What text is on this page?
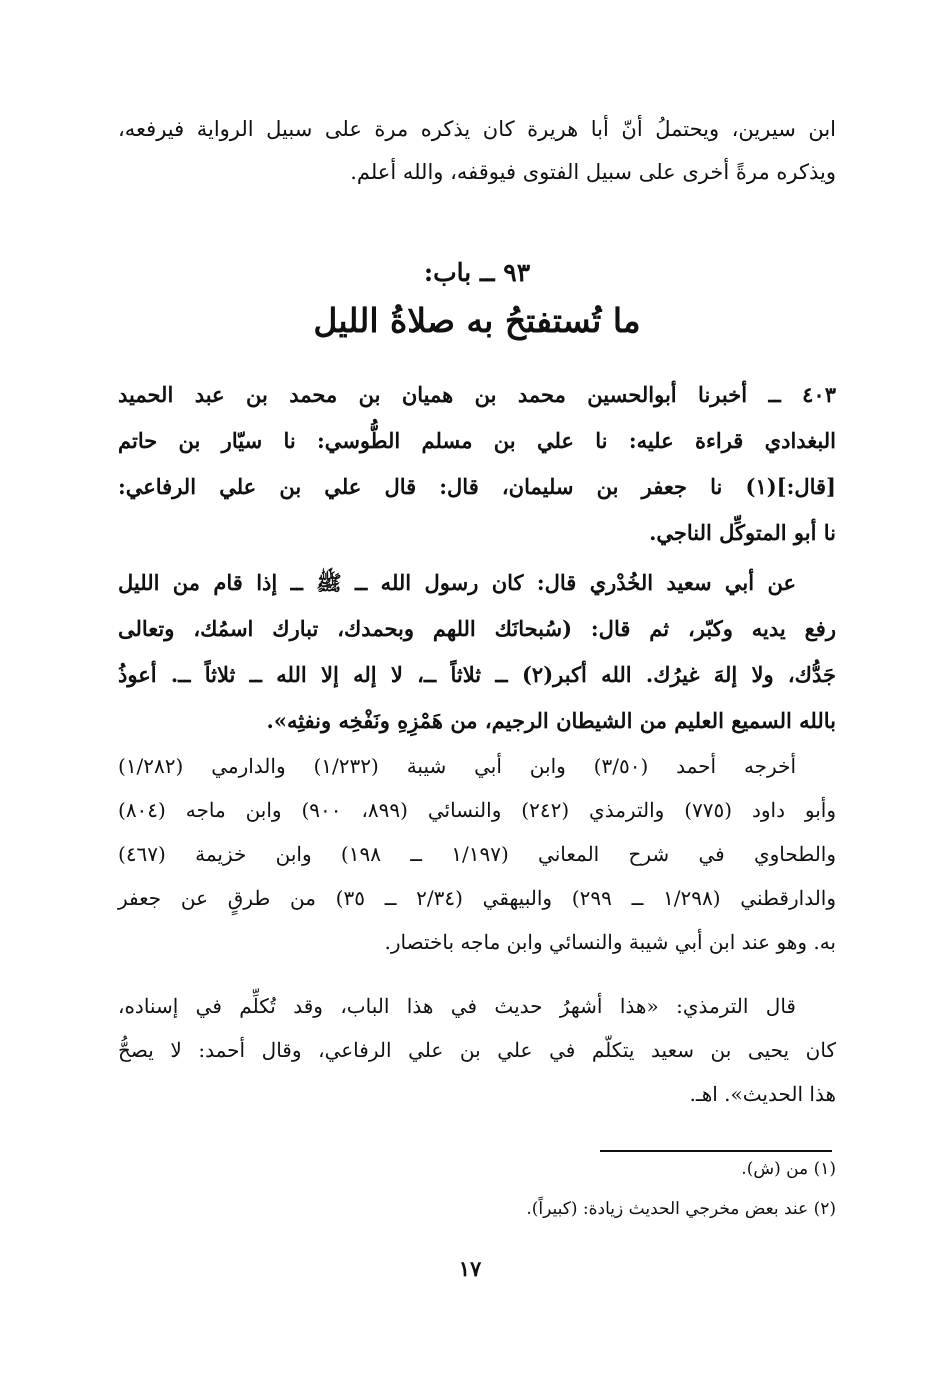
ابن سيرين، ويحتملُ أنّ أبا هريرة كان يذكره مرة على سبيل الرواية فيرفعه،
ويذكره مرةً أخرى على سبيل الفتوى فيوقفه، والله أعلم.
٩٣ ــ باب:
ما تُستفتحُ به صلاةُ الليل
٤٠٣ ــ أخبرنا أبوالحسين محمد بن هميان بن محمد بن عبد الحميد
البغدادي قراءة عليه: نا علي بن مسلم الطُّوسي: نا سيّار بن حاتم
[قال:](١) نا جعفر بن سليمان، قال: قال علي بن علي الرفاعي:
نا أبو المتوكِّل الناجي.
عن أبي سعيد الخُدْري قال: كان رسول الله ــ ﷺ ــ إذا قام من الليل
رفع يديه وكبّر، ثم قال: (سُبحانَك اللهم وبحمدك، تبارك اسمُك، وتعالى
جَدُّك، ولا إلهَ غيرُك. الله أكبر(٢) ــ ثلاثاً ــ، لا إله إلا الله ــ ثلاثاً ــ. أعوذُ
بالله السميع العليم من الشيطان الرجيم، من هَمْزِهِ ونَفْخِه ونفثِه».
أخرجه أحمد (٣/٥٠) وابن أبي شيبة (١/٢٣٢) والدارمي (١/٢٨٢)
وأبو داود (٧٧٥) والترمذي (٢٤٢) والنسائي (٨٩٩، ٩٠٠) وابن ماجه (٨٠٤)
والطحاوي في شرح المعاني (١/١٩٧ ــ ١٩٨) وابن خزيمة (٤٦٧)
والدارقطني (١/٢٩٨ ــ ٢٩٩) والبيهقي (٢/٣٤ ــ ٣٥) من طرقٍ عن جعفر
به. وهو عند ابن أبي شيبة والنسائي وابن ماجه باختصار.
قال الترمذي: «هذا أشهرُ حديث في هذا الباب، وقد تُكلِّم في إسناده،
كان يحيى بن سعيد يتكلّم في علي بن علي الرفاعي، وقال أحمد: لا يصحُّ
هذا الحديث». اهـ.
(١) من (ش).
(٢) عند بعض مخرجي الحديث زيادة: (كبيراً).
١٧
